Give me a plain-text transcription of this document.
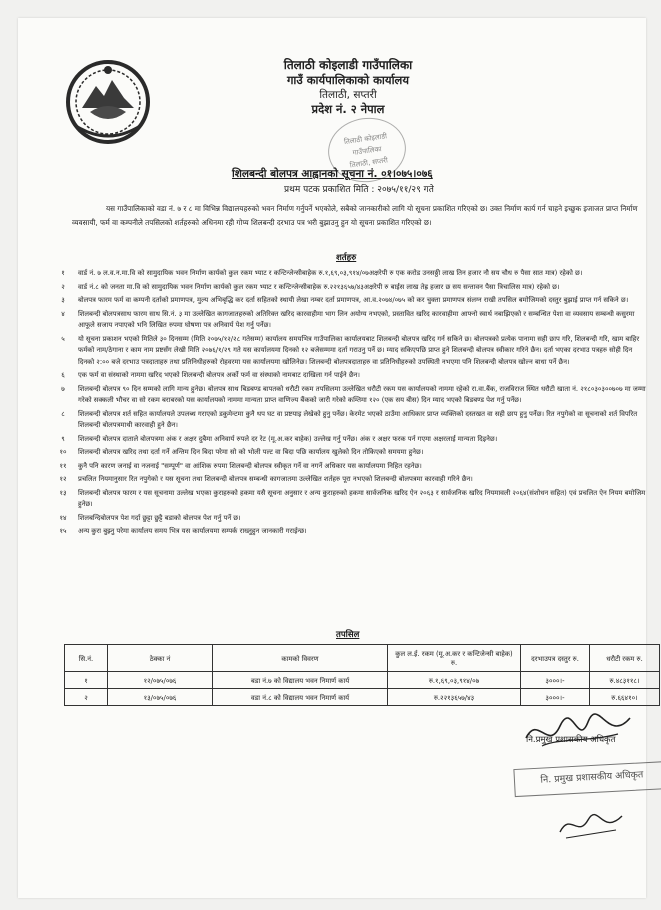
तिलाठी कोइलाडी गाउँपालिका
गाउँ कार्यपालिकाको कार्यालय
तिलाठी, सप्तरी
प्रदेश नं. २ नेपाल
तिलाठी कोइलाडी
गाउँपालिका
तिलाठी, सप्तरी
शिलबन्दी बोलपत्र आह्वानको सूचना नं. ०१।०७५।०७६
प्रथम पटक प्रकाशित मिति : २०७५/११/२९ गते
यस गाउँपालिकाको वडा नं. ७ र ८ मा विभिन्न विद्यालयहरुको भवन निर्माण गर्नुपर्ने भएकोले, सबैको जानकारीको लागि यो सूचना प्रकाशित गरिएको छ। उक्त निर्माण कार्य गर्न चाहने इच्छुक इजाजत प्राप्त निर्माण व्यवसायी, फर्म वा कम्पनीले तपसिलको शर्तहरुको अधिनमा रही गोप्य शिलबन्दी दरभाउ पत्र भरी बुझाउनु हुन यो सूचना प्रकाशित गरिएको छ।
शर्तहरु
१	वार्ड नं. ७ ल.व.न.मा.वि को सामुदायिक भवन निर्माण कार्यको कुल रकम भ्याट र कन्टिन्जेन्सीबाहेक रु.१,६९,०३,९१४/०७अक्षरेपी रु एक करोड उनसठ्ठी लाख तिन हजार नौ सय चौध रु पैसा सात मात्र) रहेको छ।
२	वार्ड नं.८ को जनता मा.वि को सामुदायिक भवन निर्माण कार्यको कुल रकम भ्याट र कन्टिन्जेन्सीबाहेक रु.२२१३६५७/४३अक्षरेपी रु बाईस लाख तेह्र हजार छ सय सन्तावन पैसा त्रिचालिस मात्र) रहेको छ।
३	बोलपत्र फारम फर्म वा कम्पनी दर्ताको प्रमाणपत्र, मुल्य अभिबृद्धि कर दर्ता सहितको स्थायी लेखा नम्बर दर्ता प्रमाणपत्र, आ.व.२०७४/०७५ को कर चुक्ता प्रमाणपत्र संलग्न राखी तपसिल बमोजिमको दस्तुर बुझाई प्राप्त गर्न सकिने छ।
४	शिलबन्दी बोलपत्रसाथ फारम साथ सि.नं. ३ मा उल्लेखित कागजातहरुको अतिरिक्त खरिद कारवाहीमा भाग लिन अयोग्य नभएको, प्रस्तावित खरिद कारवाहीमा आफ्नो स्वार्थ नबाझिएको र सम्बन्धित पेशा वा व्यवसाय सम्बन्धी कसुरमा आफूले सजाय नपाएको भनि लिखित रुपमा घोषणा पत्र अनिवार्य पेश गर्नु पर्नेछ।
५	यो सूचना प्रकाशन भएको मितिले ३० दिनसम्म (मिति २०७५/१२/२८ गतेसम्म) कार्यालय समयभित्र गाउँपालिका कार्यालयबाट शिलबन्दी बोलपत्र खरिद गर्न सकिने छ। बोलपत्रको प्रत्येक पानामा सही छाप गरि, शिलबन्दी गरि, खाम बाहिर फर्मको नाम/ठेगाना र काम नाम प्रष्टसँग लेखी मिति २०७६/१/२९ गते यस कार्यालयमा दिनको १२ बजेसम्ममा दर्ता गराउनु पर्ने छ। म्याद सकिएपछि प्राप्त हुने शिलबन्दी बोलपत्र स्वीकार गरिने छैन। दर्ता भएका दरभाउ पत्रहरु सोही दिन दिनको २:०० बजे दरभाउ पत्रदाताहरु तथा प्रतिनिधीहरुको रोहवरमा यस कार्यालयमा खोलिनेछ। शिलबन्दी बोलपत्रदाताहरु वा प्रतिनिधीहरुको उपस्थिती नभएमा पनि शिलबन्दी बोलपत्र खोल्न बाधा पर्ने छैन।
६	एक फर्म वा संस्थाको नाममा खरिद भएको शिलबन्दी बोलपत्र अर्को फर्म वा संस्थाको नामबाट दाखिला गर्न पाईने छैन।
७	शिलबन्दी बोलपत्र ९० दिन सम्मको लागि मान्य हुनेछ। बोलपत्र साथ बिडबण्ड बापतको धरौटी रकम तपसिलमा उल्लेखित धरौटी रकम यस कार्यालयको नाममा रहेको रा.वा.बैंक, राजविराज स्थित धरौटी खाता नं. २१८०३०३००७०७ मा जम्मा गरेको सक्कली भौचर वा सो रकम बराबरको यस कार्यालयको नाममा मान्यता प्राप्त वाणिज्य बैंकको जारी गरेको कम्तिमा १२० (एक सय बीस) दिन म्याद भएको बिडबण्ड पेश गर्नु पर्नेछ।
८	शिलबन्दी बोलपत्र शर्त सहित कार्यालयले उपलब्ध गराएको डकुमेन्टमा कुनै थप घट वा प्रष्टयाइ लेखेको हुनु पर्नेछ। केरमेट भएको ठाउँमा आधिकार प्राप्त व्यक्तिको दस्तखत वा सही छाप हुनु पर्नेछ। रित नपुगेको वा सूचनाको शर्त विपरित शिलबन्दी बोलपत्रमाथी कारवाही हुने छैन।
९	शिलबन्दी बोलपत्र दाताले बोलपत्रमा अंक र अक्षर दुबैमा अनिवार्य रुपले दर रेट (मू.अ.कर बाहेक) उल्लेख गर्नु पर्नेछ। अंक र अक्षर फरक पर्न गएमा अक्षरलाई मान्यता दिइनेछ।
१०	शिलबन्दी बोलपत्र खरिद तथा दर्ता गर्ने अन्तिम दिन बिदा परेमा सो को भोली पल्ट वा बिदा पछि कार्यालय खुलेको दिन तोकिएको समयमा हुनेछ।
११	कुनै पनि कारण जनाई वा नजनाई "सम्पूर्ण" वा आंशिक रुपमा शिलबन्दी बोलपत्र स्वीकृत गर्ने वा नगर्ने अधिकार यस कार्यालयमा निहित रहनेछ।
१२	प्रचलित नियमानुसार रित नपुगेको र यस सूचना तथा शिलबन्दी बोलपत्र सम्बन्धी कागजातमा उल्लेखित शर्तहरु पूरा नभएको शिलबन्दी बोलपत्रमा कारवाही गरिने छैन।
१३	शिलबन्दी बोलपत्र फारम र यस सूचनामा उल्लेख भएका कुराहरुको हकमा यसै सूचना अनुसार र अन्य कुराहरुको हकमा सार्वजनिक खरिद ऐन २०६३ र सार्वजनिक खरिद नियमावली २०६४(संशोधन सहित) एवं प्रचलित ऐन नियम बमोजिम हुनेछ।
१४	शिलबन्दिबोलपत्र पेश गर्दा छुट्टा छुट्टै बडाको बोलपत्र पेश गर्नु पर्ने छ।
१५	अन्य कुरा बुझ्नु परेमा कार्यालय समय भित्र यस कार्यालयमा सम्पर्क राख्नुहुन जानकारी गराईन्छ।
तपसिल
सि.नं.	ठेक्का नं	कामको विवरण	कुल ल.ई. रकम (मू.अ.कर र कन्टिजेन्सी बाहेक) रु.	दरभाउपत्र दस्तुर रु.	धरौटी रकम रु.
१	१२/०७५/०७६	बडा नं.७ को विद्यालय भवन निमार्ण कार्य	रु.१,६९,०३,९१४/०७	३०००।-	रु.४८३११८।
२	१३/०७५/०७६	वडा नं.८ को विद्यालय भवन निमार्ण कार्य	रु.२२१३६५७/४३	३०००।-	रु.६६४१०।
नि.प्रमुख प्रशासकीय अधिकृत
नि. प्रमुख प्रशासकीय अधिकृत
